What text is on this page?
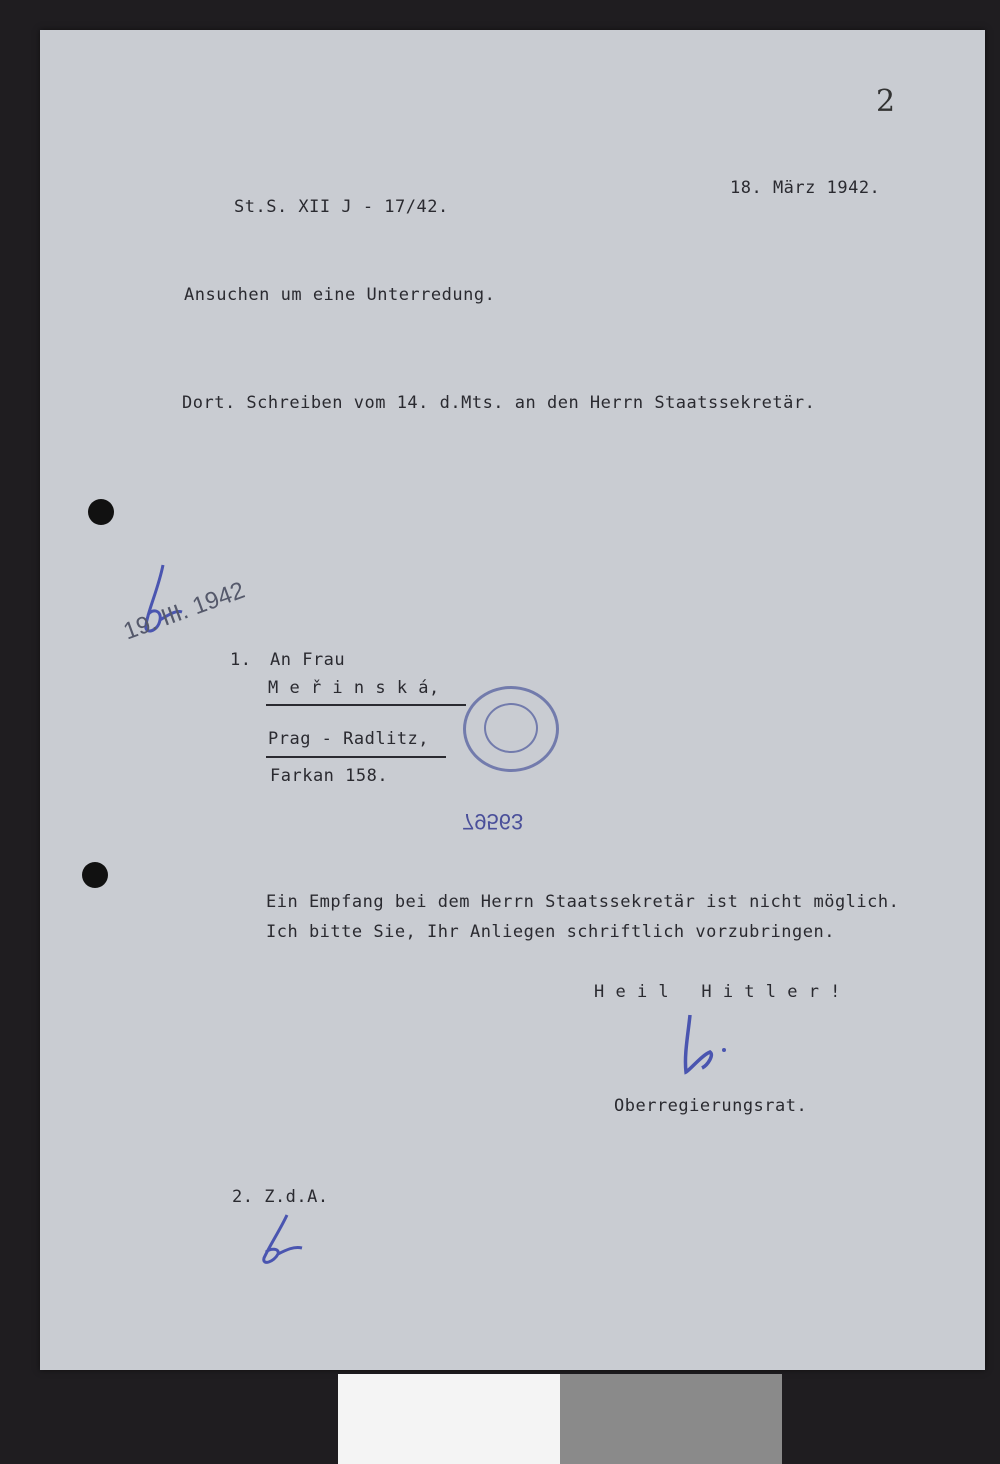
2
St.S. XII J - 17/42.
18. März 1942.
Ansuchen um eine Unterredung.
Dort. Schreiben vom 14. d.Mts. an den Herrn Staatssekretär.
19. III. 1942
1. An Frau
M e ř i n s k á,
Prag - Radlitz,
Farkan 158.
79563
Ein Empfang bei dem Herrn Staatssekretär ist nicht möglich.
Ich bitte Sie, Ihr Anliegen schriftlich vorzubringen.
H e i l   H i t l e r !
Oberregierungsrat.
2. Z.d.A.
